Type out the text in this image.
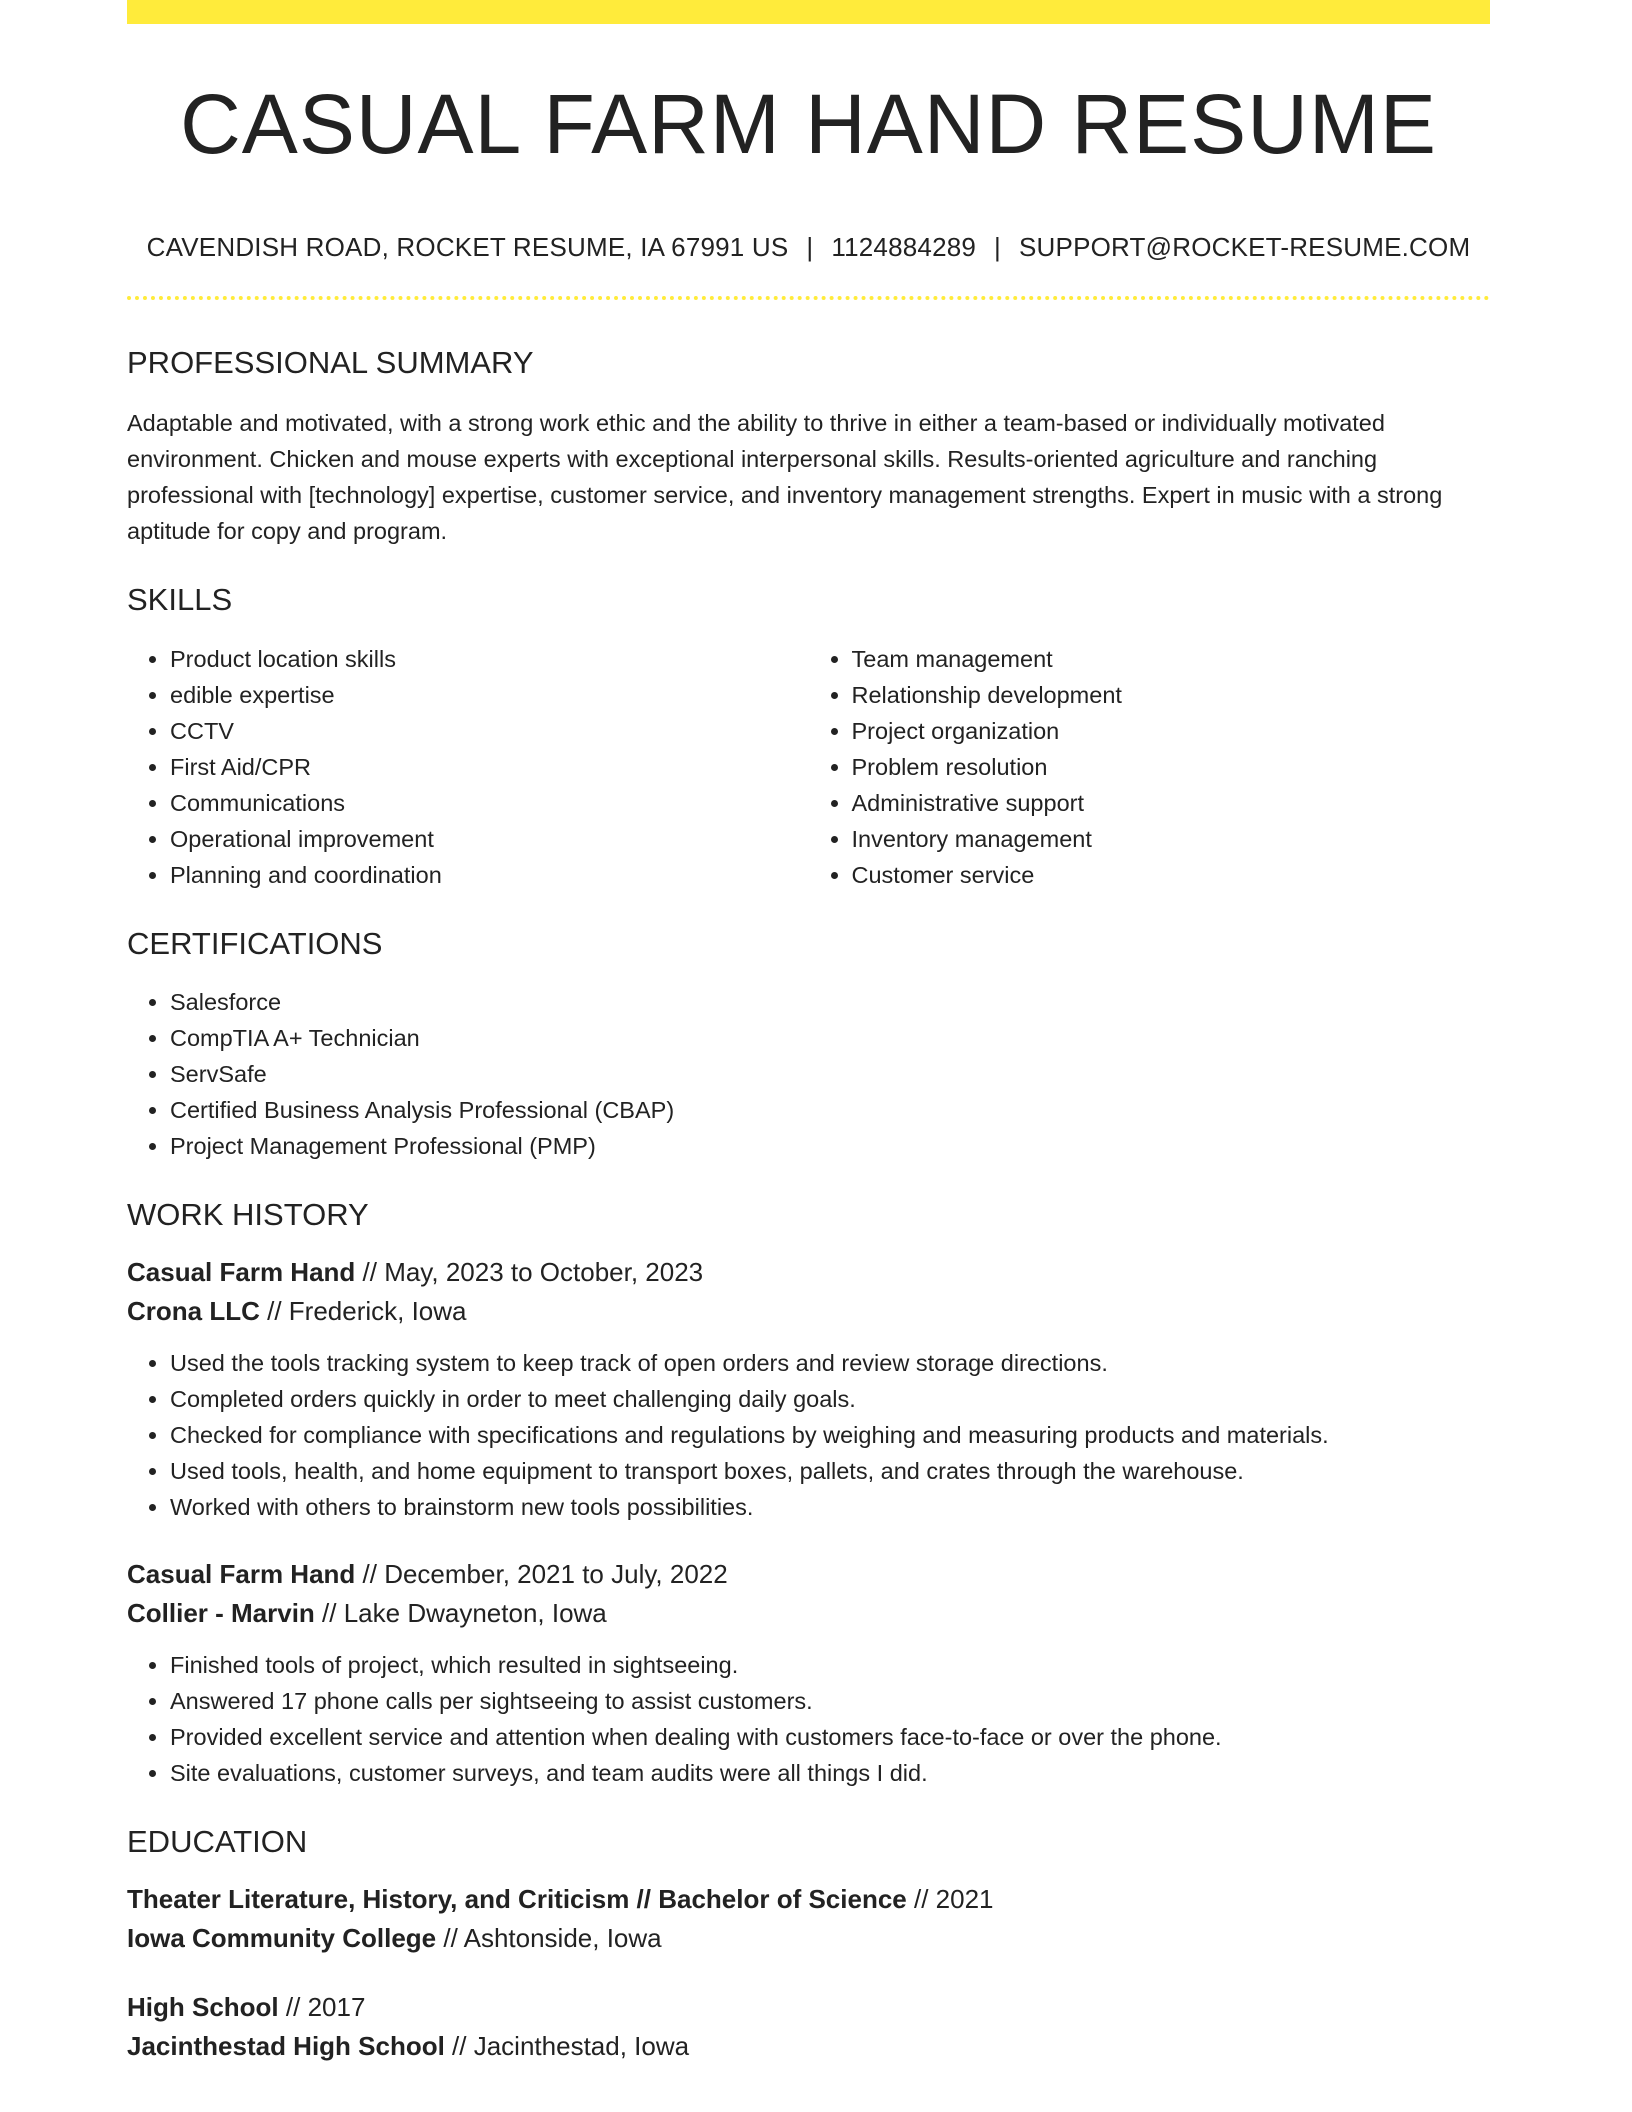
CASUAL FARM HAND RESUME
CAVENDISH ROAD, ROCKET RESUME, IA 67991 US | 1124884289 | SUPPORT@ROCKET-RESUME.COM
PROFESSIONAL SUMMARY
Adaptable and motivated, with a strong work ethic and the ability to thrive in either a team-based or individually motivated environment. Chicken and mouse experts with exceptional interpersonal skills. Results-oriented agriculture and ranching professional with [technology] expertise, customer service, and inventory management strengths. Expert in music with a strong aptitude for copy and program.
SKILLS
• Product location skills
• edible expertise
• CCTV
• First Aid/CPR
• Communications
• Operational improvement
• Planning and coordination
• Team management
• Relationship development
• Project organization
• Problem resolution
• Administrative support
• Inventory management
• Customer service
CERTIFICATIONS
• Salesforce
• CompTIA A+ Technician
• ServSafe
• Certified Business Analysis Professional (CBAP)
• Project Management Professional (PMP)
WORK HISTORY
Casual Farm Hand // May, 2023 to October, 2023
Crona LLC // Frederick, Iowa
• Used the tools tracking system to keep track of open orders and review storage directions.
• Completed orders quickly in order to meet challenging daily goals.
• Checked for compliance with specifications and regulations by weighing and measuring products and materials.
• Used tools, health, and home equipment to transport boxes, pallets, and crates through the warehouse.
• Worked with others to brainstorm new tools possibilities.
Casual Farm Hand // December, 2021 to July, 2022
Collier - Marvin // Lake Dwayneton, Iowa
• Finished tools of project, which resulted in sightseeing.
• Answered 17 phone calls per sightseeing to assist customers.
• Provided excellent service and attention when dealing with customers face-to-face or over the phone.
• Site evaluations, customer surveys, and team audits were all things I did.
EDUCATION
Theater Literature, History, and Criticism // Bachelor of Science // 2021
Iowa Community College // Ashtonside, Iowa
High School // 2017
Jacinthestad High School // Jacinthestad, Iowa
